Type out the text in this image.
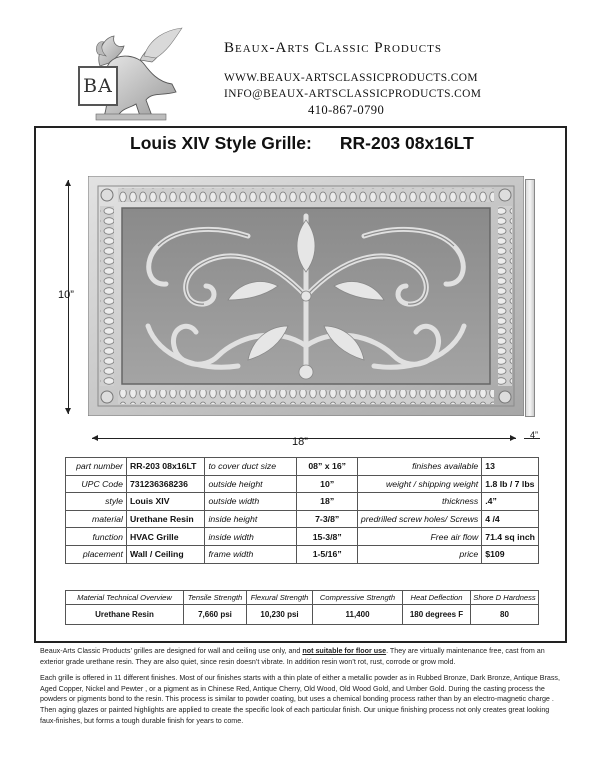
BA
Beaux-Arts Classic Products
WWW.BEAUX-ARTSCLASSICPRODUCTS.COM
INFO@BEAUX-ARTSCLASSICPRODUCTS.COM
410-867-0790
Louis XIV Style Grille: RR-203 08x16LT
10”
18”
4”
part number	RR-203 08x16LT	to cover duct size	08” x 16”	finishes available	13
UPC Code	731236368236	outside height	10”	weight / shipping weight	1.8 lb / 7 lbs
style	Louis XIV	outside width	18”	thickness	.4”
material	Urethane Resin	inside height	7-3/8”	predrilled screw holes/ Screws	4 /4
function	HVAC Grille	inside width	15-3/8”	Free air flow	71.4 sq inch
placement	Wall / Ceiling	frame width	1-5/16”	price	$109
Material Technical Overview	Tensile Strength	Flexural Strength	Compressive Strength	Heat Deflection	Shore D Hardness
Urethane Resin	7,660 psi	10,230 psi	11,400	180 degrees F	80

Beaux-Arts Classic Products’ grilles are designed for wall and ceiling use only, and not suitable for floor use. They are virtually maintenance free, cast from an exterior grade urethane resin. They are also quiet, since resin doesn’t vibrate. In addition resin won’t rot, rust, corrode or grow mold.

Each grille is offered in 11 different finishes. Most of our finishes starts with a thin plate of either a metallic powder as in Rubbed Bronze, Dark Bronze, Antique Brass, Aged Copper, Nickel and Pewter , or a pigment as in Chinese Red, Antique Cherry, Old Wood, Old Wood Gold, and Umber Gold. During the casting process the powders or pigments bond to the resin. This process is similar to powder coating, but uses a chemical bonding process rather than by an electro-magnetic charge . Then aging glazes or painted highlights are applied to create the specific look of each particular finish. Our unique finishing process not only creates great looking faux-finishes, but forms a tough durable finish for years to come.
